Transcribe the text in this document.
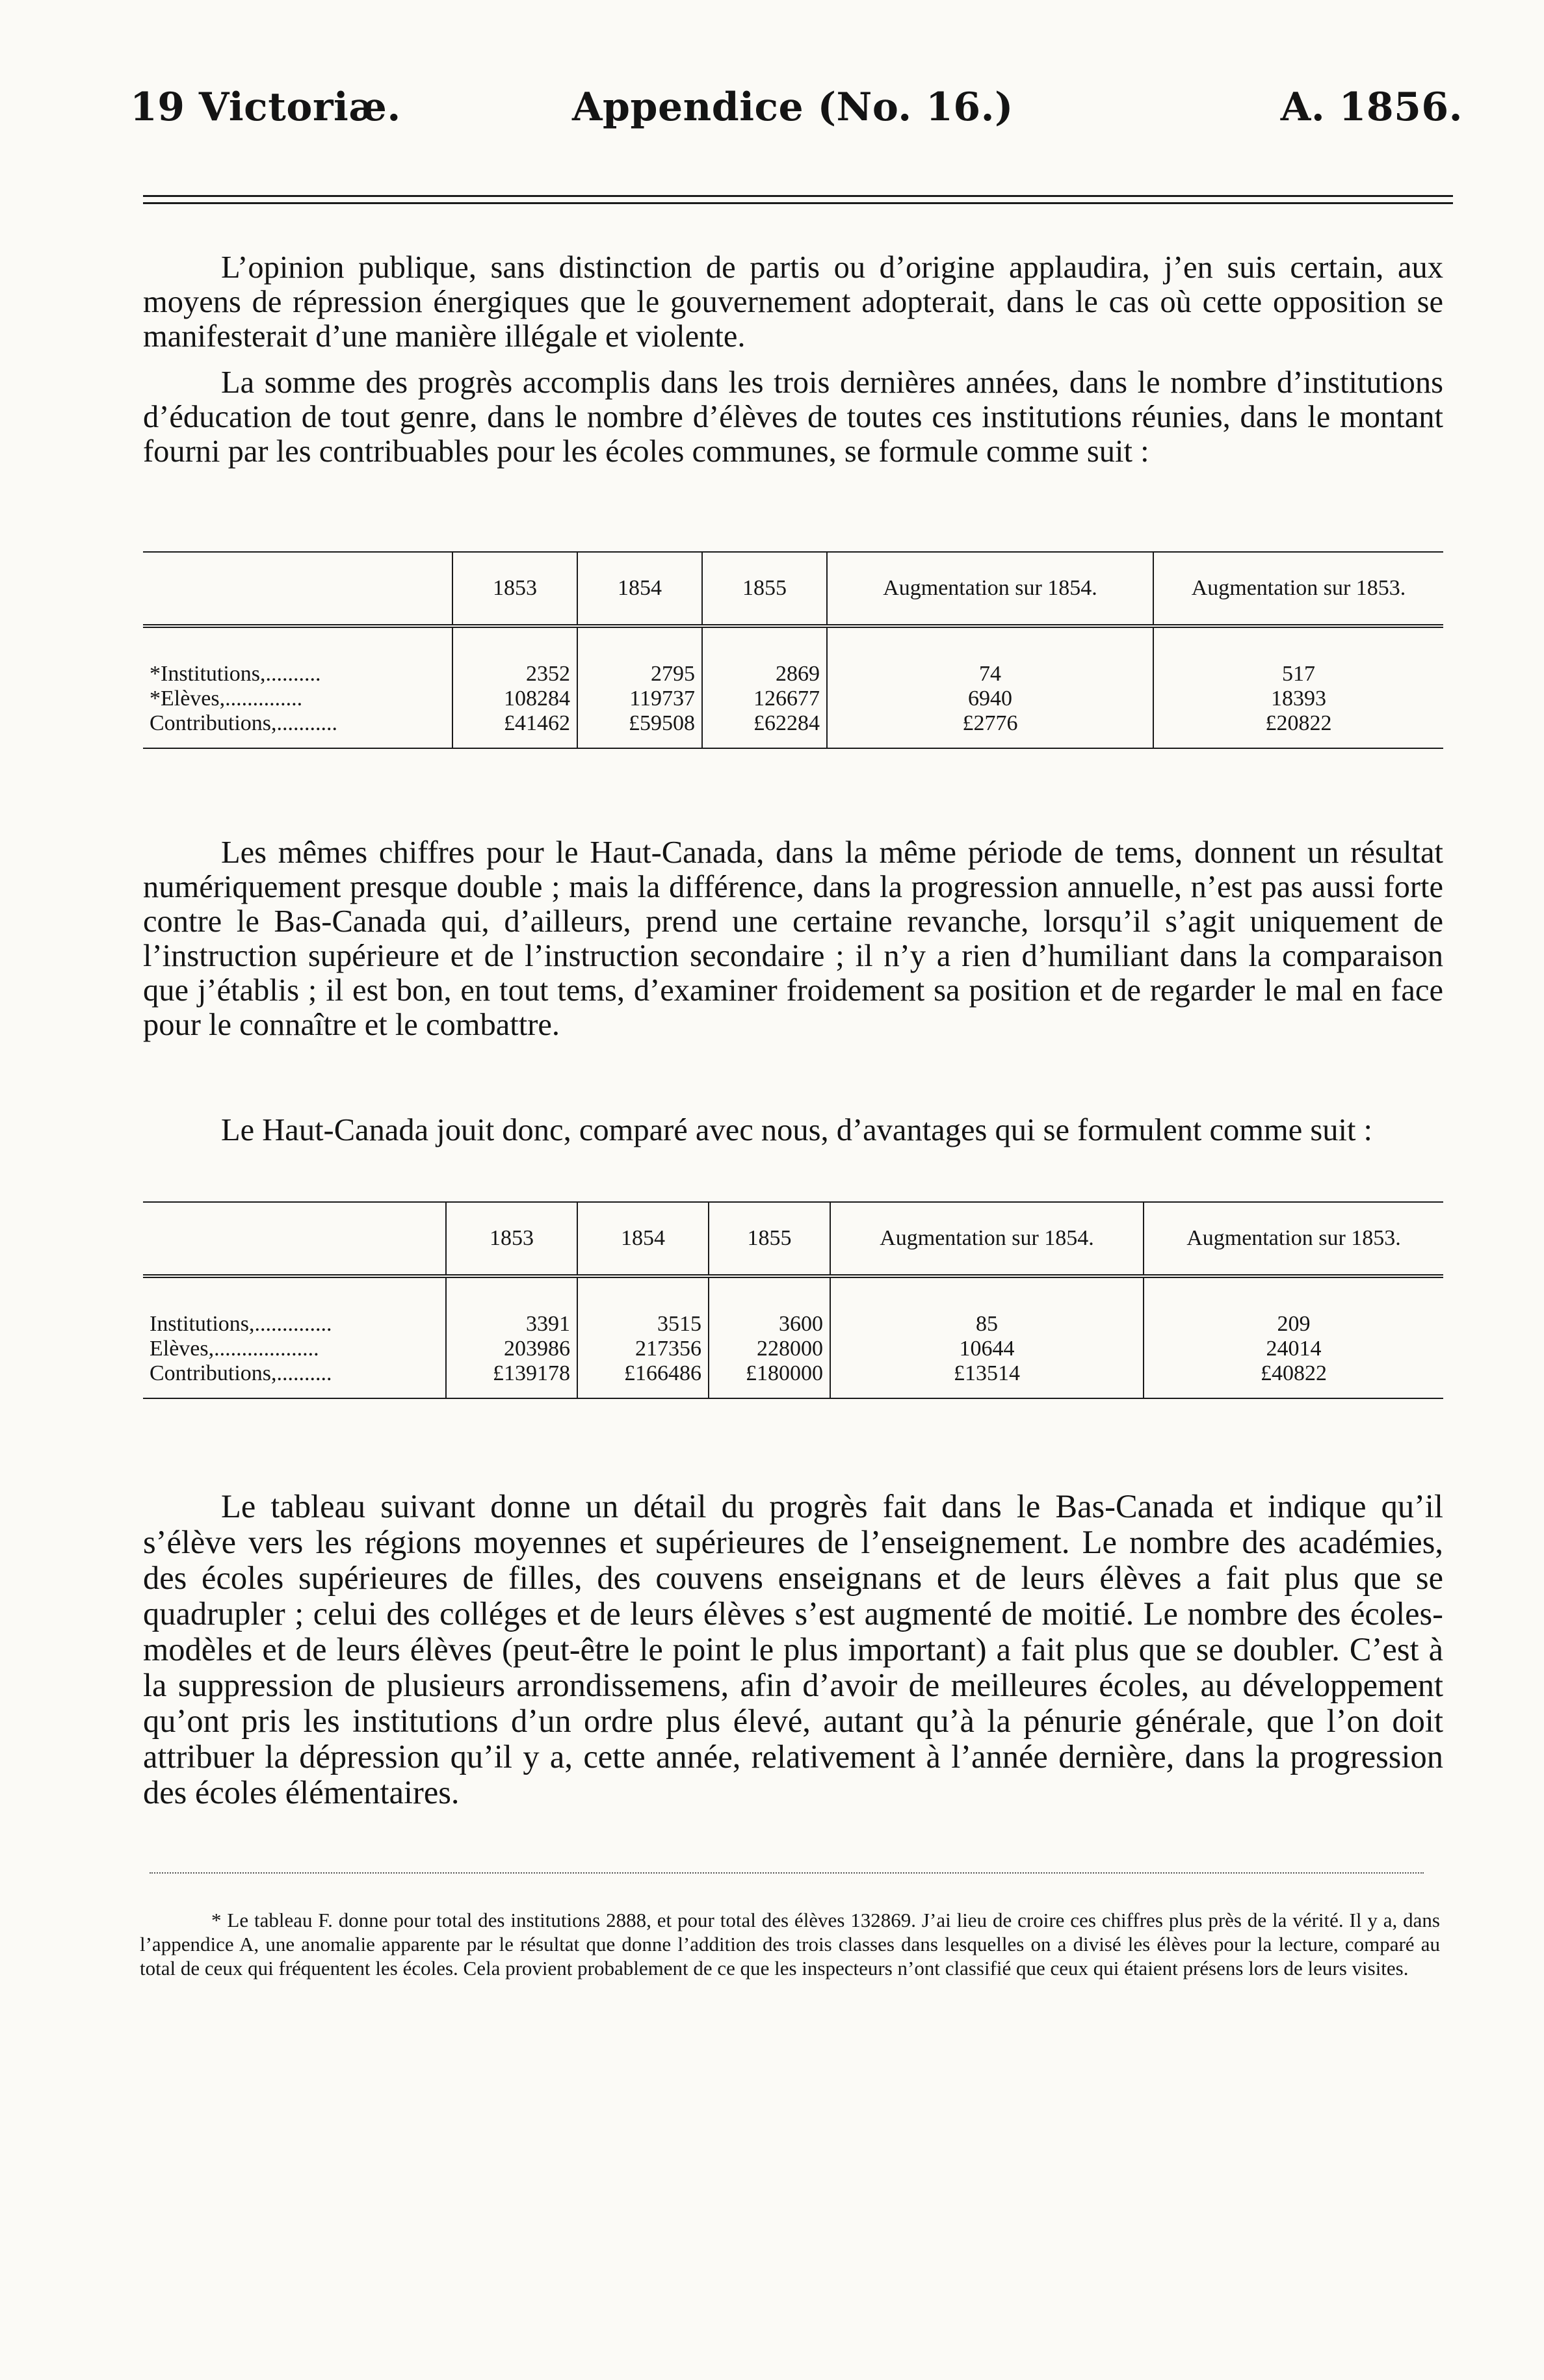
19 Victoriæ.	Appendice (No. 16.)	A. 1856.

L’opinion publique, sans distinction de partis ou d’origine applaudira, j’en suis certain, aux moyens de répression énergiques que le gouvernement adopterait, dans le cas où cette opposition se manifesterait d’une manière illégale et violente.

La somme des progrès accomplis dans les trois dernières années, dans le nombre d’institutions d’éducation de tout genre, dans le nombre d’élèves de toutes ces institutions réunies, dans le montant fourni par les contribuables pour les écoles communes, se formule comme suit :

	1853	1854	1855	Augmentation sur 1854.	Augmentation sur 1853.
*Institutions,..........	2352	2795	2869	74	517
*Elèves,..............	108284	119737	126677	6940	18393
Contributions,...........	£41462	£59508	£62284	£2776	£20822

Les mêmes chiffres pour le Haut-Canada, dans la même période de tems, donnent un résultat numériquement presque double ; mais la différence, dans la progression annuelle, n’est pas aussi forte contre le Bas-Canada qui, d’ailleurs, prend une certaine revanche, lorsqu’il s’agit uniquement de l’instruction supérieure et de l’instruction secondaire ; il n’y a rien d’humiliant dans la comparaison que j’établis ; il est bon, en tout tems, d’examiner froidement sa position et de regarder le mal en face pour le connaître et le combattre.

Le Haut-Canada jouit donc, comparé avec nous, d’avantages qui se formulent comme suit :

	1853	1854	1855	Augmentation sur 1854.	Augmentation sur 1853.
Institutions,..............	3391	3515	3600	85	209
Elèves,...................	203986	217356	228000	10644	24014
Contributions,..........	£139178	£166486	£180000	£13514	£40822

Le tableau suivant donne un détail du progrès fait dans le Bas-Canada et indique qu’il s’élève vers les régions moyennes et supérieures de l’enseignement. Le nombre des académies, des écoles supérieures de filles, des couvens enseignans et de leurs élèves a fait plus que se quadrupler ; celui des colléges et de leurs élèves s’est augmenté de moitié. Le nombre des écoles-modèles et de leurs élèves (peut-être le point le plus important) a fait plus que se doubler. C’est à la suppression de plusieurs arrondissemens, afin d’avoir de meilleures écoles, au développement qu’ont pris les institutions d’un ordre plus élevé, autant qu’à la pénurie générale, que l’on doit attribuer la dépression qu’il y a, cette année, relativement à l’année dernière, dans la progression des écoles élémentaires.

* Le tableau F. donne pour total des institutions 2888, et pour total des élèves 132869. J’ai lieu de croire ces chiffres plus près de la vérité. Il y a, dans l’appendice A, une anomalie apparente par le résultat que donne l’addition des trois classes dans lesquelles on a divisé les élèves pour la lecture, comparé au total de ceux qui fréquentent les écoles. Cela provient probablement de ce que les inspecteurs n’ont classifié que ceux qui étaient présens lors de leurs visites.
